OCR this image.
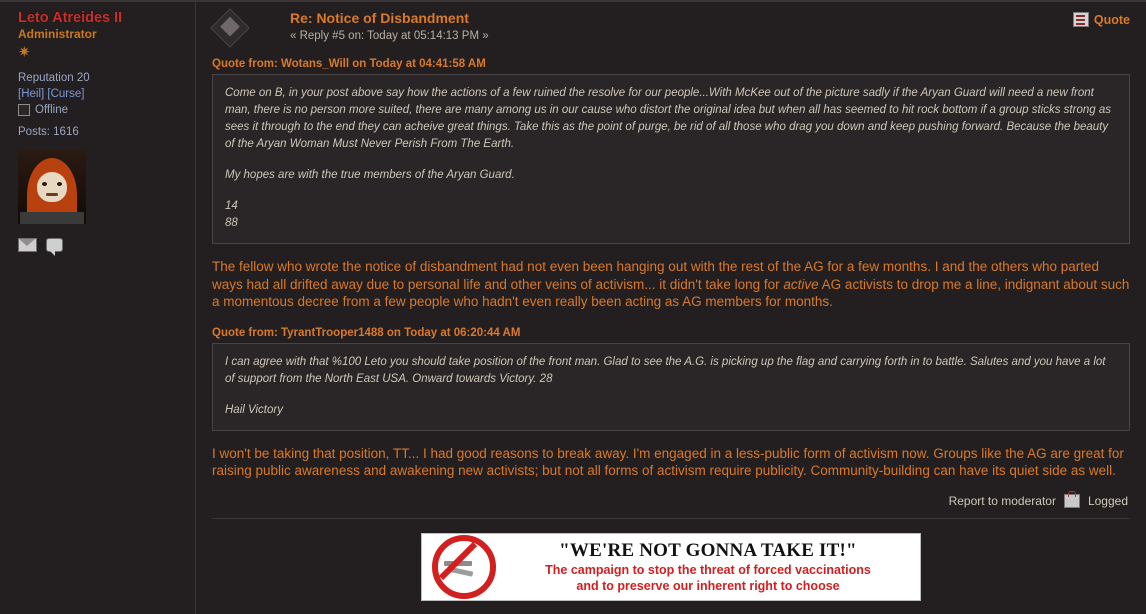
Leto Atreides II
Administrator
✷
Reputation 20
[Heil] [Curse]
Offline
Posts: 1616
Re: Notice of Disbandment
« Reply #5 on: Today at 05:14:13 PM »
Quote
Quote from: Wotans_Will on Today at 04:41:58 AM

Come on B, in your post above say how the actions of a few ruined the resolve for our people...With McKee out of the picture sadly if the Aryan Guard will need a new front man, there is no person more suited, there are many among us in our cause who distort the original idea but when all has seemed to hit rock bottom if a group sticks strong as sees it through to the end they can acheive great things. Take this as the point of purge, be rid of all those who drag you down and keep pushing forward. Because the beauty of the Aryan Woman Must Never Perish From The Earth.

My hopes are with the true members of the Aryan Guard.

14

88

The fellow who wrote the notice of disbandment had not even been hanging out with the rest of the AG for a few months. I and the others who parted ways had all drifted away due to personal life and other veins of activism... it didn't take long for active AG activists to drop me a line, indignant about such a momentous decree from a few people who hadn't even really been acting as AG members for months.

Quote from: TyrantTrooper1488 on Today at 06:20:44 AM

I can agree with that %100 Leto you should take position of the front man. Glad to see the A.G. is picking up the flag and carrying forth in to battle. Salutes and you have a lot of support from the North East USA. Onward towards Victory. 28

Hail Victory

I won't be taking that position, TT... I had good reasons to break away. I'm engaged in a less-public form of activism now. Groups like the AG are great for raising public awareness and awakening new activists; but not all forms of activism require publicity. Community-building can have its quiet side as well.

Report to moderator	Logged
"WE'RE NOT GONNA TAKE IT!"
The campaign to stop the threat of forced vaccinations
and to preserve our inherent right to choose
